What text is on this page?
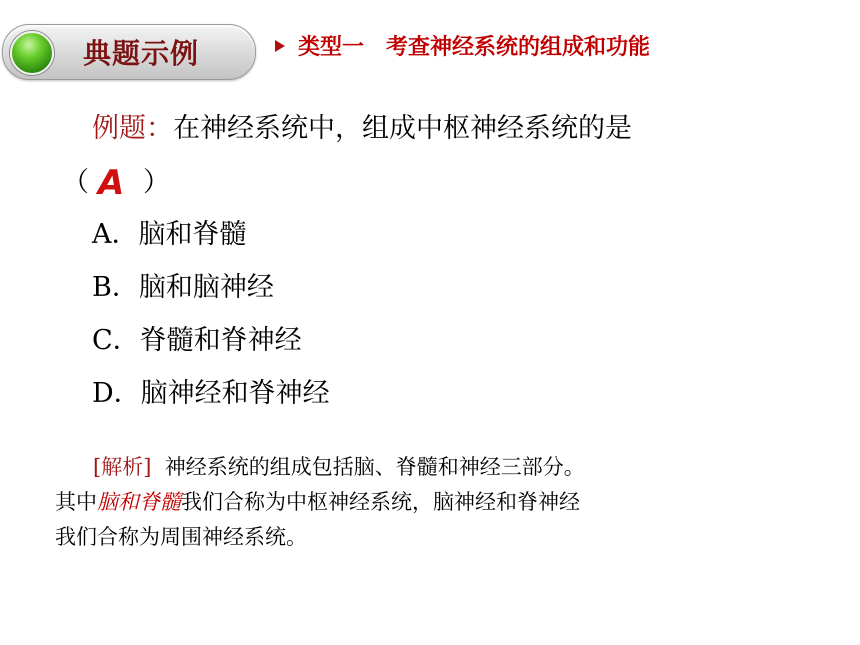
典题示例	类型一　考查神经系统的组成和功能
例题：在神经系统中，组成中枢神经系统的是
（ ）
A
A．脑和脊髓
B．脑和脑神经
C．脊髓和脊神经
D．脑神经和脊神经
[解析] 神经系统的组成包括脑、脊髓和神经三部分。
其中脑和脊髓我们合称为中枢神经系统，脑神经和脊神经
我们合称为周围神经系统。
